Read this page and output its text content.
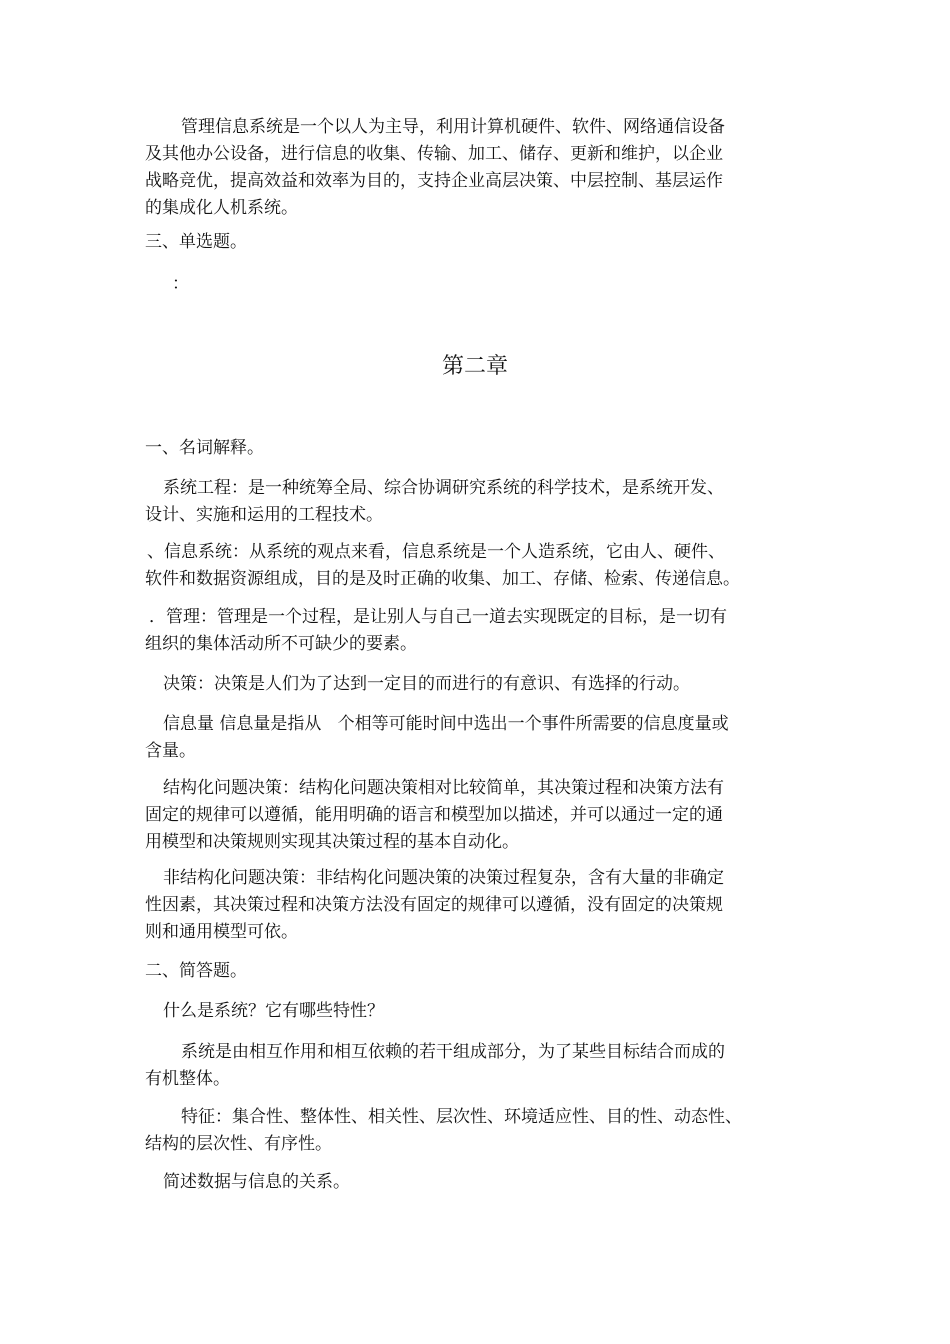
管理信息系统是一个以人为主导，利用计算机硬件、软件、网络通信设备
及其他办公设备，进行信息的收集、传输、加工、储存、更新和维护，以企业
战略竞优，提高效益和效率为目的，支持企业高层决策、中层控制、基层运作
的集成化人机系统。
三、单选题。
：
第二章
一、名词解释。
系统工程：是一种统筹全局、综合协调研究系统的科学技术，是系统开发、
设计、实施和运用的工程技术。
、信息系统：从系统的观点来看，信息系统是一个人造系统，它由人、硬件、
软件和数据资源组成，目的是及时正确的收集、加工、存储、检索、传递信息。
．管理：管理是一个过程，是让别人与自己一道去实现既定的目标，是一切有
组织的集体活动所不可缺少的要素。
决策：决策是人们为了达到一定目的而进行的有意识、有选择的行动。
信息量 信息量是指从   个相等可能时间中选出一个事件所需要的信息度量或
含量。
结构化问题决策：结构化问题决策相对比较简单，其决策过程和决策方法有
固定的规律可以遵循，能用明确的语言和模型加以描述，并可以通过一定的通
用模型和决策规则实现其决策过程的基本自动化。
非结构化问题决策：非结构化问题决策的决策过程复杂，含有大量的非确定
性因素，其决策过程和决策方法没有固定的规律可以遵循，没有固定的决策规
则和通用模型可依。
二、简答题。
什么是系统？它有哪些特性？
系统是由相互作用和相互依赖的若干组成部分，为了某些目标结合而成的
有机整体。
特征：集合性、整体性、相关性、层次性、环境适应性、目的性、动态性、
结构的层次性、有序性。
简述数据与信息的关系。
